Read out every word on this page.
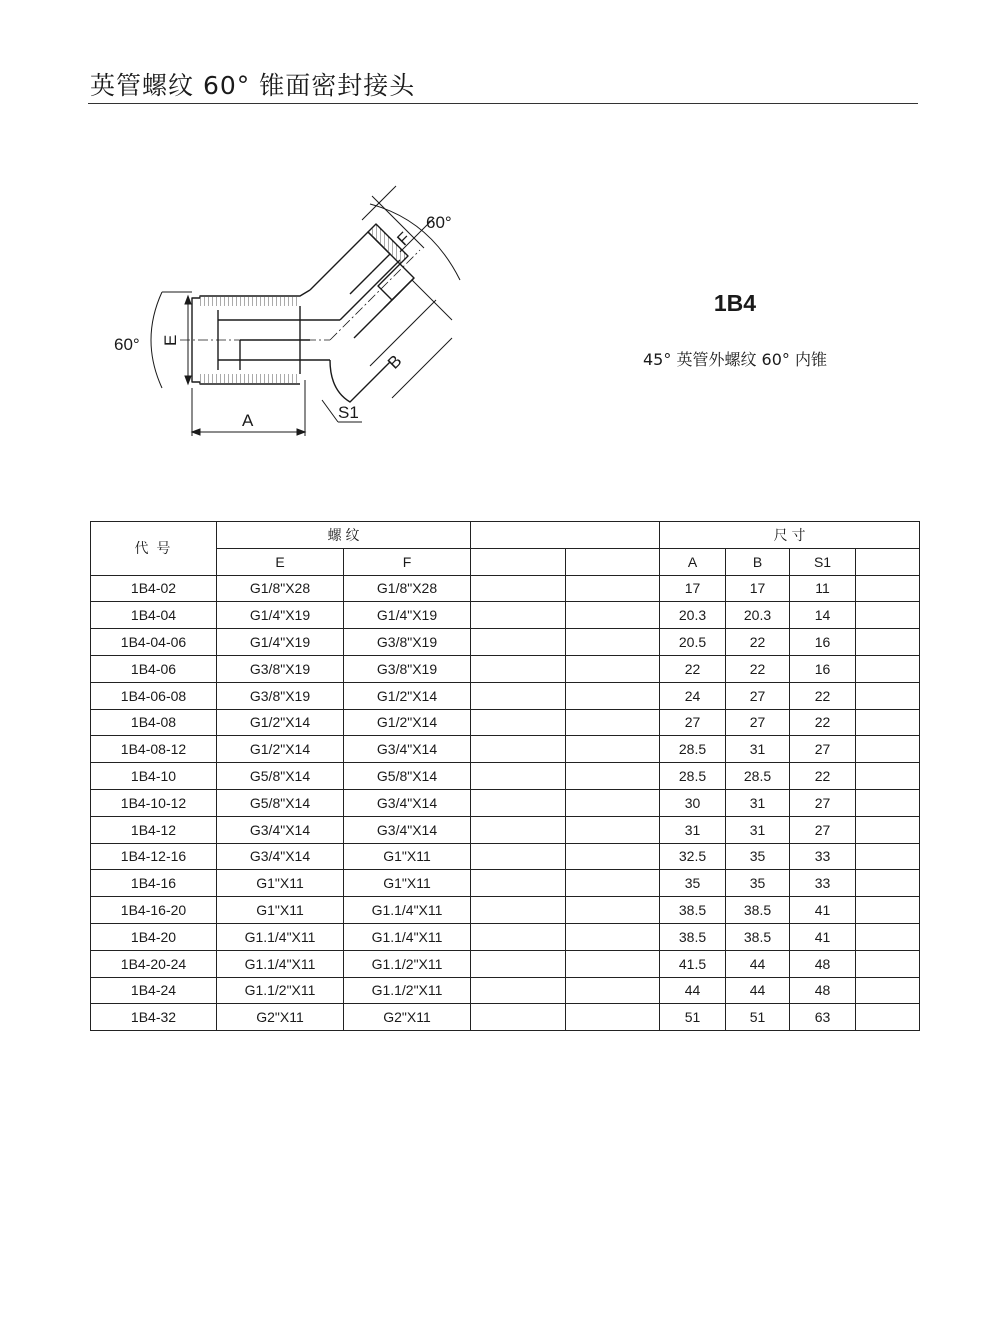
英管螺纹 60° 锥面密封接头
60°
60° E
F
A
B
S1
1B4
45° 英管外螺纹 60° 内锥
代 号	螺 纹				尺 寸			
	E	F			A	B	S1	
1B4-02	G1/8"X28	G1/8"X28			17	17	11	
1B4-04	G1/4"X19	G1/4"X19			20.3	20.3	14	
1B4-04-06	G1/4"X19	G3/8"X19			20.5	22	16	
1B4-06	G3/8"X19	G3/8"X19			22	22	16	
1B4-06-08	G3/8"X19	G1/2"X14			24	27	22	
1B4-08	G1/2"X14	G1/2"X14			27	27	22	
1B4-08-12	G1/2"X14	G3/4"X14			28.5	31	27	
1B4-10	G5/8"X14	G5/8"X14			28.5	28.5	22	
1B4-10-12	G5/8"X14	G3/4"X14			30	31	27	
1B4-12	G3/4"X14	G3/4"X14			31	31	27	
1B4-12-16	G3/4"X14	G1"X11			32.5	35	33	
1B4-16	G1"X11	G1"X11			35	35	33	
1B4-16-20	G1"X11	G1.1/4"X11			38.5	38.5	41	
1B4-20	G1.1/4"X11	G1.1/4"X11			38.5	38.5	41	
1B4-20-24	G1.1/4"X11	G1.1/2"X11			41.5	44	48	
1B4-24	G1.1/2"X11	G1.1/2"X11			44	44	48	
1B4-32	G2"X11	G2"X11			51	51	63	
